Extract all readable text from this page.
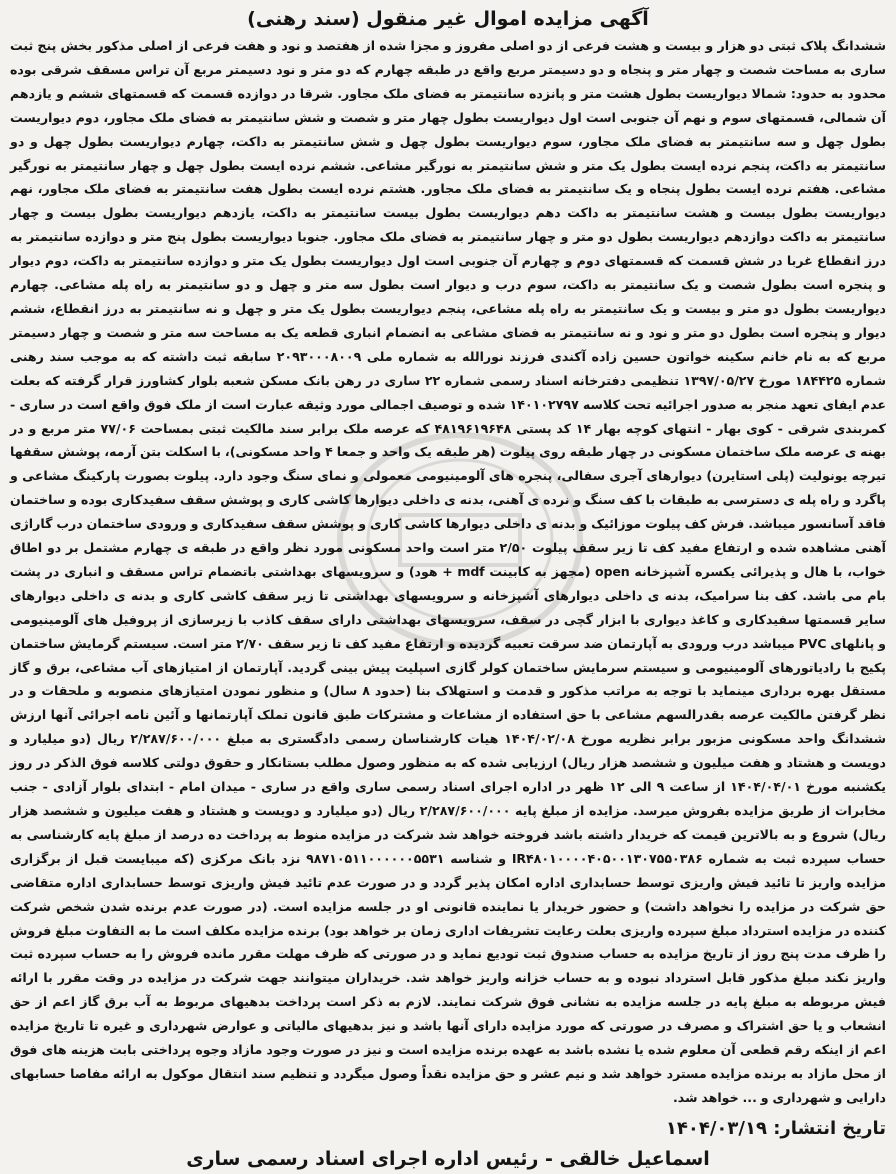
آگهی مزایده اموال غیر منقول (سند رهنی)
ششدانگ پلاک ثبتی دو هزار و بیست و هشت فرعی از دو اصلی مفروز و مجزا شده از هفتصد و نود و هفت فرعی از اصلی مذکور بخش پنج ثبت ساری به مساحت شصت و چهار متر و پنجاه و دو دسیمتر مربع واقع در طبقه چهارم که دو متر و نود دسیمتر مربع آن تراس مسقف شرقی بوده محدود به حدود: شمالا دیواریست بطول هشت متر و پانزده سانتیمتر به فضای ملک مجاور. شرقا در دوازده قسمت که قسمتهای ششم و یازدهم آن شمالی، قسمتهای سوم و نهم آن جنوبی است اول دیواریست بطول چهار متر و شصت و شش سانتیمتر به فضای ملک مجاور، دوم دیواریست بطول چهل و سه سانتیمتر به فضای ملک مجاور، سوم دیواریست بطول چهل و شش سانتیمتر به داکت، چهارم دیواریست بطول چهل و دو سانتیمتر به داکت، پنجم نرده ایست بطول یک متر و شش سانتیمتر به نورگیر مشاعی. ششم نرده ایست بطول چهل و چهار سانتیمتر به نورگیر مشاعی. هفتم نرده ایست بطول پنجاه و یک سانتیمتر به فضای ملک مجاور. هشتم نرده ایست بطول هفت سانتیمتر به فضای ملک مجاور، نهم دیواریست بطول بیست و هشت سانتیمتر به داکت دهم دیواریست بطول بیست سانتیمتر به داکت، یازدهم دیواریست بطول بیست و چهار سانتیمتر به داکت دوازدهم دیواریست بطول دو متر و چهار سانتیمتر به فضای ملک مجاور. جنوبا دیواریست بطول پنج متر و دوازده سانتیمتر به درز انقطاع غربا در شش قسمت که قسمتهای دوم و چهارم آن جنوبی است اول دیواریست بطول یک متر و دوازده سانتیمتر به داکت، دوم دیوار و پنجره است بطول شصت و یک سانتیمتر به داکت، سوم درب و دیوار است بطول سه متر و چهل و دو سانتیمتر به راه پله مشاعی. چهارم دیواریست بطول دو متر و بیست و یک سانتیمتر به راه پله مشاعی، پنجم دیواریست بطول یک متر و چهل و نه سانتیمتر به درز انقطاع، ششم دیوار و پنجره است بطول دو متر و نود و نه سانتیمتر به فضای مشاعی به انضمام انباری قطعه یک به مساحت سه متر و شصت و چهار دسیمتر مربع که به نام خانم سکینه خواتون حسین زاده آکندی فرزند نورالله به شماره ملی ۲۰۹۳۰۰۰۸۰۰۹ سابقه ثبت داشته که به موجب سند رهنی شماره ۱۸۴۴۲۵ مورخ ۱۳۹۷/۰۵/۲۷ تنظیمی دفترخانه اسناد رسمی شماره ۲۲ ساری در رهن بانک مسکن شعبه بلوار کشاورز قرار گرفته که بعلت عدم ایفای تعهد منجر به صدور اجرائیه تحت کلاسه ۱۴۰۱۰۲۷۹۷ شده و توصیف اجمالی مورد وثیقه عبارت است از ملک فوق واقع است در ساری - کمربندی شرقی - کوی بهار - انتهای کوچه بهار ۱۴ کد پستی ۴۸۱۹۶۱۹۶۴۸ که عرصه ملک برابر سند مالکیت ثبتی بمساحت ۷۷/۰۶ متر مربع و در بهنه ی عرصه ملک ساختمان مسکونی در چهار طبقه روی پیلوت (هر طبقه یک واحد و جمعا ۴ واحد مسکونی)، با اسکلت بتن آرمه، پوشش سقفها تیرچه یونولیت (پلی استایرن) دیوارهای آجری سفالی، پنجره های آلومینیومی معمولی و نمای سنگ وجود دارد. پیلوت بصورت پارکینگ مشاعی و پاگرد و راه پله ی دسترسی به طبقات با کف سنگ و نرده ی آهنی، بدنه ی داخلی دیوارها کاشی کاری و پوشش سقف سفیدکاری بوده و ساختمان فاقد آسانسور میباشد. فرش کف پیلوت موزائیک و بدنه ی داخلی دیوارها کاشی کاری و پوشش سقف سفیدکاری و ورودی ساختمان درب گاراژی آهنی مشاهده شده و ارتفاع مفید کف تا زیر سقف پیلوت ۲/۵۰ متر است واحد مسکونی مورد نظر واقع در طبقه ی چهارم مشتمل بر دو اطاق خواب، با هال و پذیرائی یکسره آشپزخانه open (مجهز به کابینت mdf + هود) و سرویسهای بهداشتی باتضمام تراس مسقف و انباری در پشت بام می باشد. کف بنا سرامیک، بدنه ی داخلی دیوارهای آشپزخانه و سرویسهای بهداشتی تا زیر سقف کاشی کاری و بدنه ی داخلی دیوارهای سایر قسمتها سفیدکاری و کاغذ دیواری با ابزار گچی در سقف، سرویسهای بهداشتی دارای سقف کاذب با زیرسازی از پروفیل های آلومینیومی و پانلهای PVC میباشد درب ورودی به آپارتمان ضد سرقت تعبیه گردیده و ارتفاع مفید کف تا زیر سقف ۲/۷۰ متر است. سیستم گرمایش ساختمان پکیج با رادیاتورهای آلومینیومی و سیستم سرمایش ساختمان کولر گازی اسپلیت پیش بینی گردید. آپارتمان از امتیازهای آب مشاعی، برق و گاز مستقل بهره برداری مینماید با توجه به مراتب مذکور و قدمت و استهلاک بنا (حدود ۸ سال) و منظور نمودن امتیازهای منصوبه و ملحقات و در نظر گرفتن مالکیت عرصه بقدرالسهم مشاعی با حق استفاده از مشاعات و مشترکات طبق قانون تملک آپارتمانها و آئین نامه اجرائی آنها ارزش ششدانگ واحد مسکونی مزبور برابر نظریه مورخ ۱۴۰۴/۰۲/۰۸ هیات کارشناسان رسمی دادگستری به مبلغ ۲/۲۸۷/۶۰۰/۰۰۰ ریال (دو میلیارد و دویست و هشتاد و هفت میلیون و ششصد هزار ریال) ارزیابی شده که به منظور وصول مطلب بستانکار و حقوق دولتی کلاسه فوق الذکر در روز یکشنبه مورخ ۱۴۰۴/۰۴/۰۱ از ساعت ۹ الی ۱۲ ظهر در اداره اجرای اسناد رسمی ساری واقع در ساری - میدان امام - ابتدای بلوار آزادی - جنب مخابرات از طریق مزایده بفروش میرسد. مزایده از مبلغ پایه ۲/۲۸۷/۶۰۰/۰۰۰ ریال (دو میلیارد و دویست و هشتاد و هفت میلیون و ششصد هزار ریال) شروع و به بالاترین قیمت که خریدار داشته باشد فروخته خواهد شد شرکت در مزایده منوط به پرداخت ده درصد از مبلغ پایه کارشناسی به حساب سپرده ثبت به شماره IR۴۸۰۱۰۰۰۰۴۰۵۰۰۱۳۰۷۵۵۰۳۸۶ و شناسه ۹۸۷۱۰۵۱۱۰۰۰۰۰۰۵۵۳۱ نزد بانک مرکزی (که میبایست قبل از برگزاری مزایده واریز تا تائید فیش واریزی توسط حسابداری اداره امکان پذیر گردد و در صورت عدم تائید فیش واریزی توسط حسابداری اداره متقاضی حق شرکت در مزایده را نخواهد داشت) و حضور خریدار یا نماینده قانونی او در جلسه مزایده است. (در صورت عدم برنده شدن شخص شرکت کننده در مزایده استرداد مبلغ سپرده واریزی بعلت رعایت تشریفات اداری زمان بر خواهد بود) برنده مزایده مکلف است ما به التفاوت مبلغ فروش را ظرف مدت پنج روز از تاریخ مزایده به حساب صندوق ثبت تودیع نماید و در صورتی که ظرف مهلت مقرر مانده فروش را به حساب سپرده ثبت واریز نکند مبلغ مذکور قابل استرداد نبوده و به حساب خزانه واریز خواهد شد. خریداران میتوانند جهت شرکت در مزایده در وقت مقرر با ارائه فیش مربوطه به مبلغ پایه در جلسه مزایده به نشانی فوق شرکت نمایند. لازم به ذکر است پرداخت بدهیهای مربوط به آب برق گاز اعم از حق انشعاب و یا حق اشتراک و مصرف در صورتی که مورد مزایده دارای آنها باشد و نیز بدهیهای مالیاتی و عوارض شهرداری و غیره تا تاریخ مزایده اعم از اینکه رقم قطعی آن معلوم شده یا نشده باشد به عهده برنده مزایده است و نیز در صورت وجود مازاد وجوه پرداختی بابت هزینه های فوق از محل مازاد به برنده مزایده مسترد خواهد شد و نیم عشر و حق مزایده نقداً وصول میگردد و تنظیم سند انتقال موکول به ارائه مفاصا حسابهای دارایی و شهرداری و ... خواهد شد.
تاریخ انتشار: ۱۴۰۴/۰۳/۱۹
اسماعیل خالقی - رئیس اداره اجرای اسناد رسمی ساری
